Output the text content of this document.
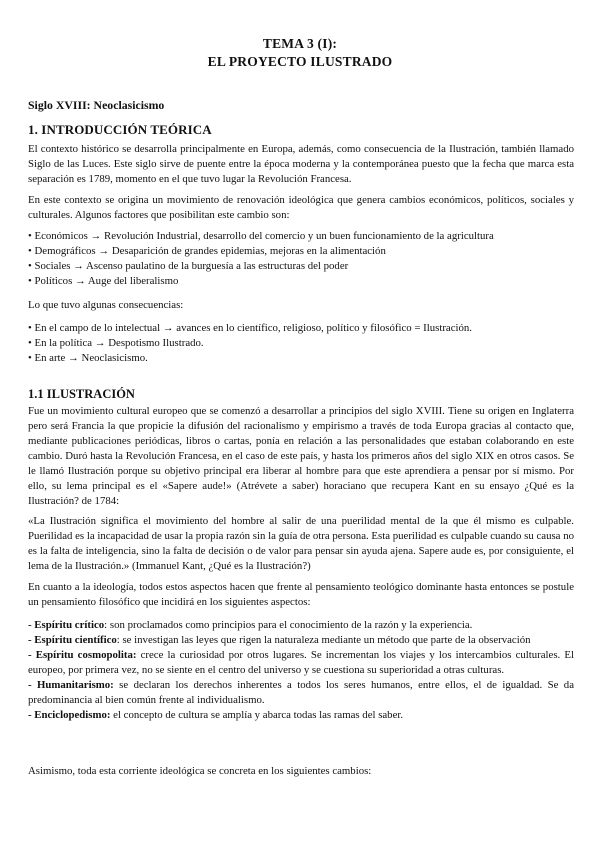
TEMA 3 (I):
EL PROYECTO ILUSTRADO
Siglo XVIII: Neoclasicismo
1. INTRODUCCIÓN TEÓRICA
El contexto histórico se desarrolla principalmente en Europa, además, como consecuencia de la Ilustración, también llamado Siglo de las Luces. Este siglo sirve de puente entre la época moderna y la contemporánea puesto que la fecha que marca esta separación es 1789, momento en el que tuvo lugar la Revolución Francesa.
En este contexto se origina un movimiento de renovación ideológica que genera cambios económicos, políticos, sociales y culturales. Algunos factores que posibilitan este cambio son:

• Económicos → Revolución Industrial, desarrollo del comercio y un buen funcionamiento de la agricultura

• Demográficos → Desaparición de grandes epidemias, mejoras en la alimentación

• Sociales → Ascenso paulatino de la burguesía a las estructuras del poder

• Políticos → Auge del liberalismo

Lo que tuvo algunas consecuencias:

• En el campo de lo intelectual → avances en lo científico, religioso, político y filosófico = Ilustración.

• En la política → Despotismo Ilustrado.

• En arte → Neoclasicismo.

1.1 ILUSTRACIÓN
Fue un movimiento cultural europeo que se comenzó a desarrollar a principios del siglo XVIII. Tiene su origen en Inglaterra pero será Francia la que propicie la difusión del racionalismo y empirismo a través de toda Europa gracias al contacto que, mediante publicaciones periódicas, libros o cartas, ponía en relación a las personalidades que estaban colaborando en este cambio. Duró hasta la Revolución Francesa, en el caso de este país, y hasta los primeros años del siglo XIX en otros casos. Se le llamó Ilustración porque su objetivo principal era liberar al hombre para que este aprendiera a pensar por sí mismo. Por ello, su lema principal es el «Sapere aude!» (Atrévete a saber) horaciano que recupera Kant en su ensayo ¿Qué es la Ilustración? de 1784:
«La Ilustración significa el movimiento del hombre al salir de una puerilidad mental de la que él mismo es culpable. Puerilidad es la incapacidad de usar la propia razón sin la guía de otra persona. Esta puerilidad es culpable cuando su causa no es la falta de inteligencia, sino la falta de decisión o de valor para pensar sin ayuda ajena. Sapere aude es, por consiguiente, el lema de la Ilustración.» (Immanuel Kant, ¿Qué es la Ilustración?)
En cuanto a la ideología, todos estos aspectos hacen que frente al pensamiento teológico dominante hasta entonces se postule un pensamiento filosófico que incidirá en los siguientes aspectos:

- Espíritu crítico: son proclamados como principios para el conocimiento de la razón y la experiencia.

- Espíritu científico: se investigan las leyes que rigen la naturaleza mediante un método que parte de la observación

- Espíritu cosmopolita: crece la curiosidad por otros lugares. Se incrementan los viajes y los intercambios culturales. El europeo, por primera vez, no se siente en el centro del universo y se cuestiona su superioridad a otras culturas.

- Humanitarismo: se declaran los derechos inherentes a todos los seres humanos, entre ellos, el de igualdad. Se da predominancia al bien común frente al individualismo.

- Enciclopedismo: el concepto de cultura se amplía y abarca todas las ramas del saber.

Asimismo, toda esta corriente ideológica se concreta en los siguientes cambios:
